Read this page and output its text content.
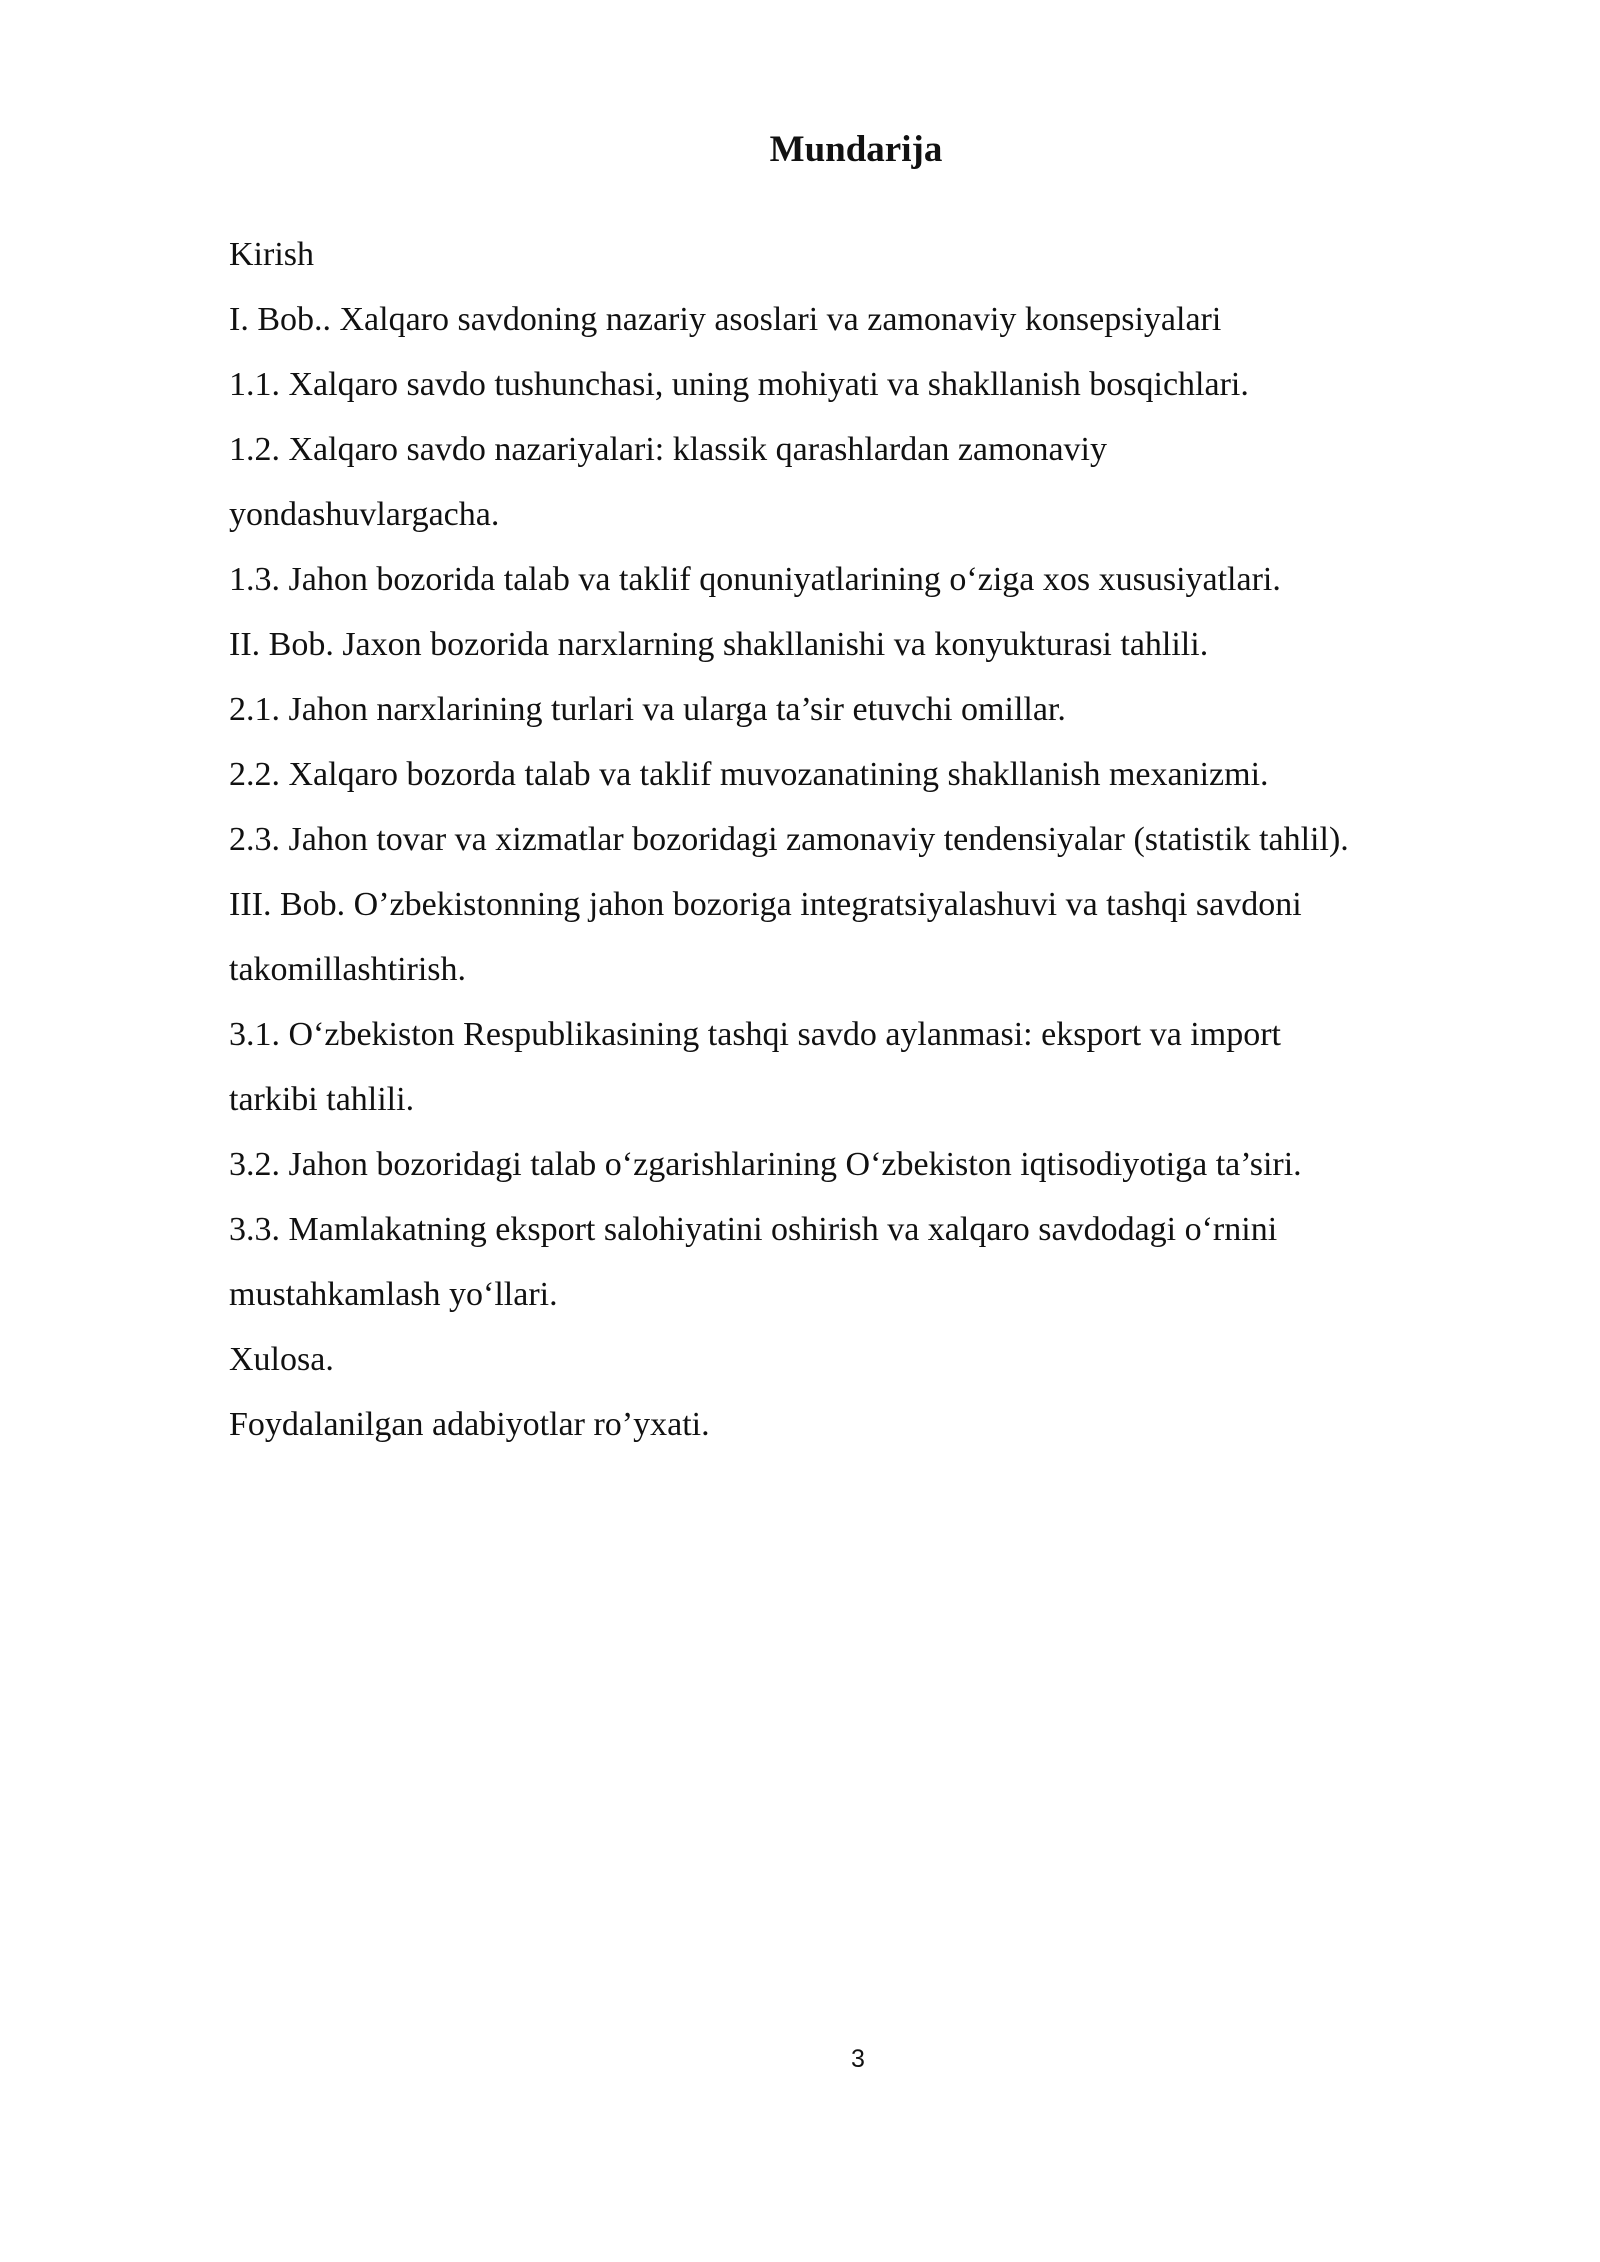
Mundarija
Kirish
I. Bob.. Xalqaro savdoning nazariy asoslari va zamonaviy konsepsiyalari
1.1. Xalqaro savdo tushunchasi, uning mohiyati va shakllanish bosqichlari.
1.2. Xalqaro savdo nazariyalari: klassik qarashlardan zamonaviy
yondashuvlargacha.
1.3. Jahon bozorida talab va taklif qonuniyatlarining o‘ziga xos xususiyatlari.
II. Bob. Jaxon bozorida narxlarning shakllanishi va konyukturasi tahlili.
2.1. Jahon narxlarining turlari va ularga ta’sir etuvchi omillar.
2.2. Xalqaro bozorda talab va taklif muvozanatining shakllanish mexanizmi.
2.3. Jahon tovar va xizmatlar bozoridagi zamonaviy tendensiyalar (statistik tahlil).
III. Bob. O’zbekistonning jahon bozoriga integratsiyalashuvi va tashqi savdoni
takomillashtirish.
3.1. O‘zbekiston Respublikasining tashqi savdo aylanmasi: eksport va import
tarkibi tahlili.
3.2. Jahon bozoridagi talab o‘zgarishlarining O‘zbekiston iqtisodiyotiga ta’siri.
3.3. Mamlakatning eksport salohiyatini oshirish va xalqaro savdodagi o‘rnini
mustahkamlash yo‘llari.
Xulosa.
Foydalanilgan adabiyotlar ro’yxati.
3
